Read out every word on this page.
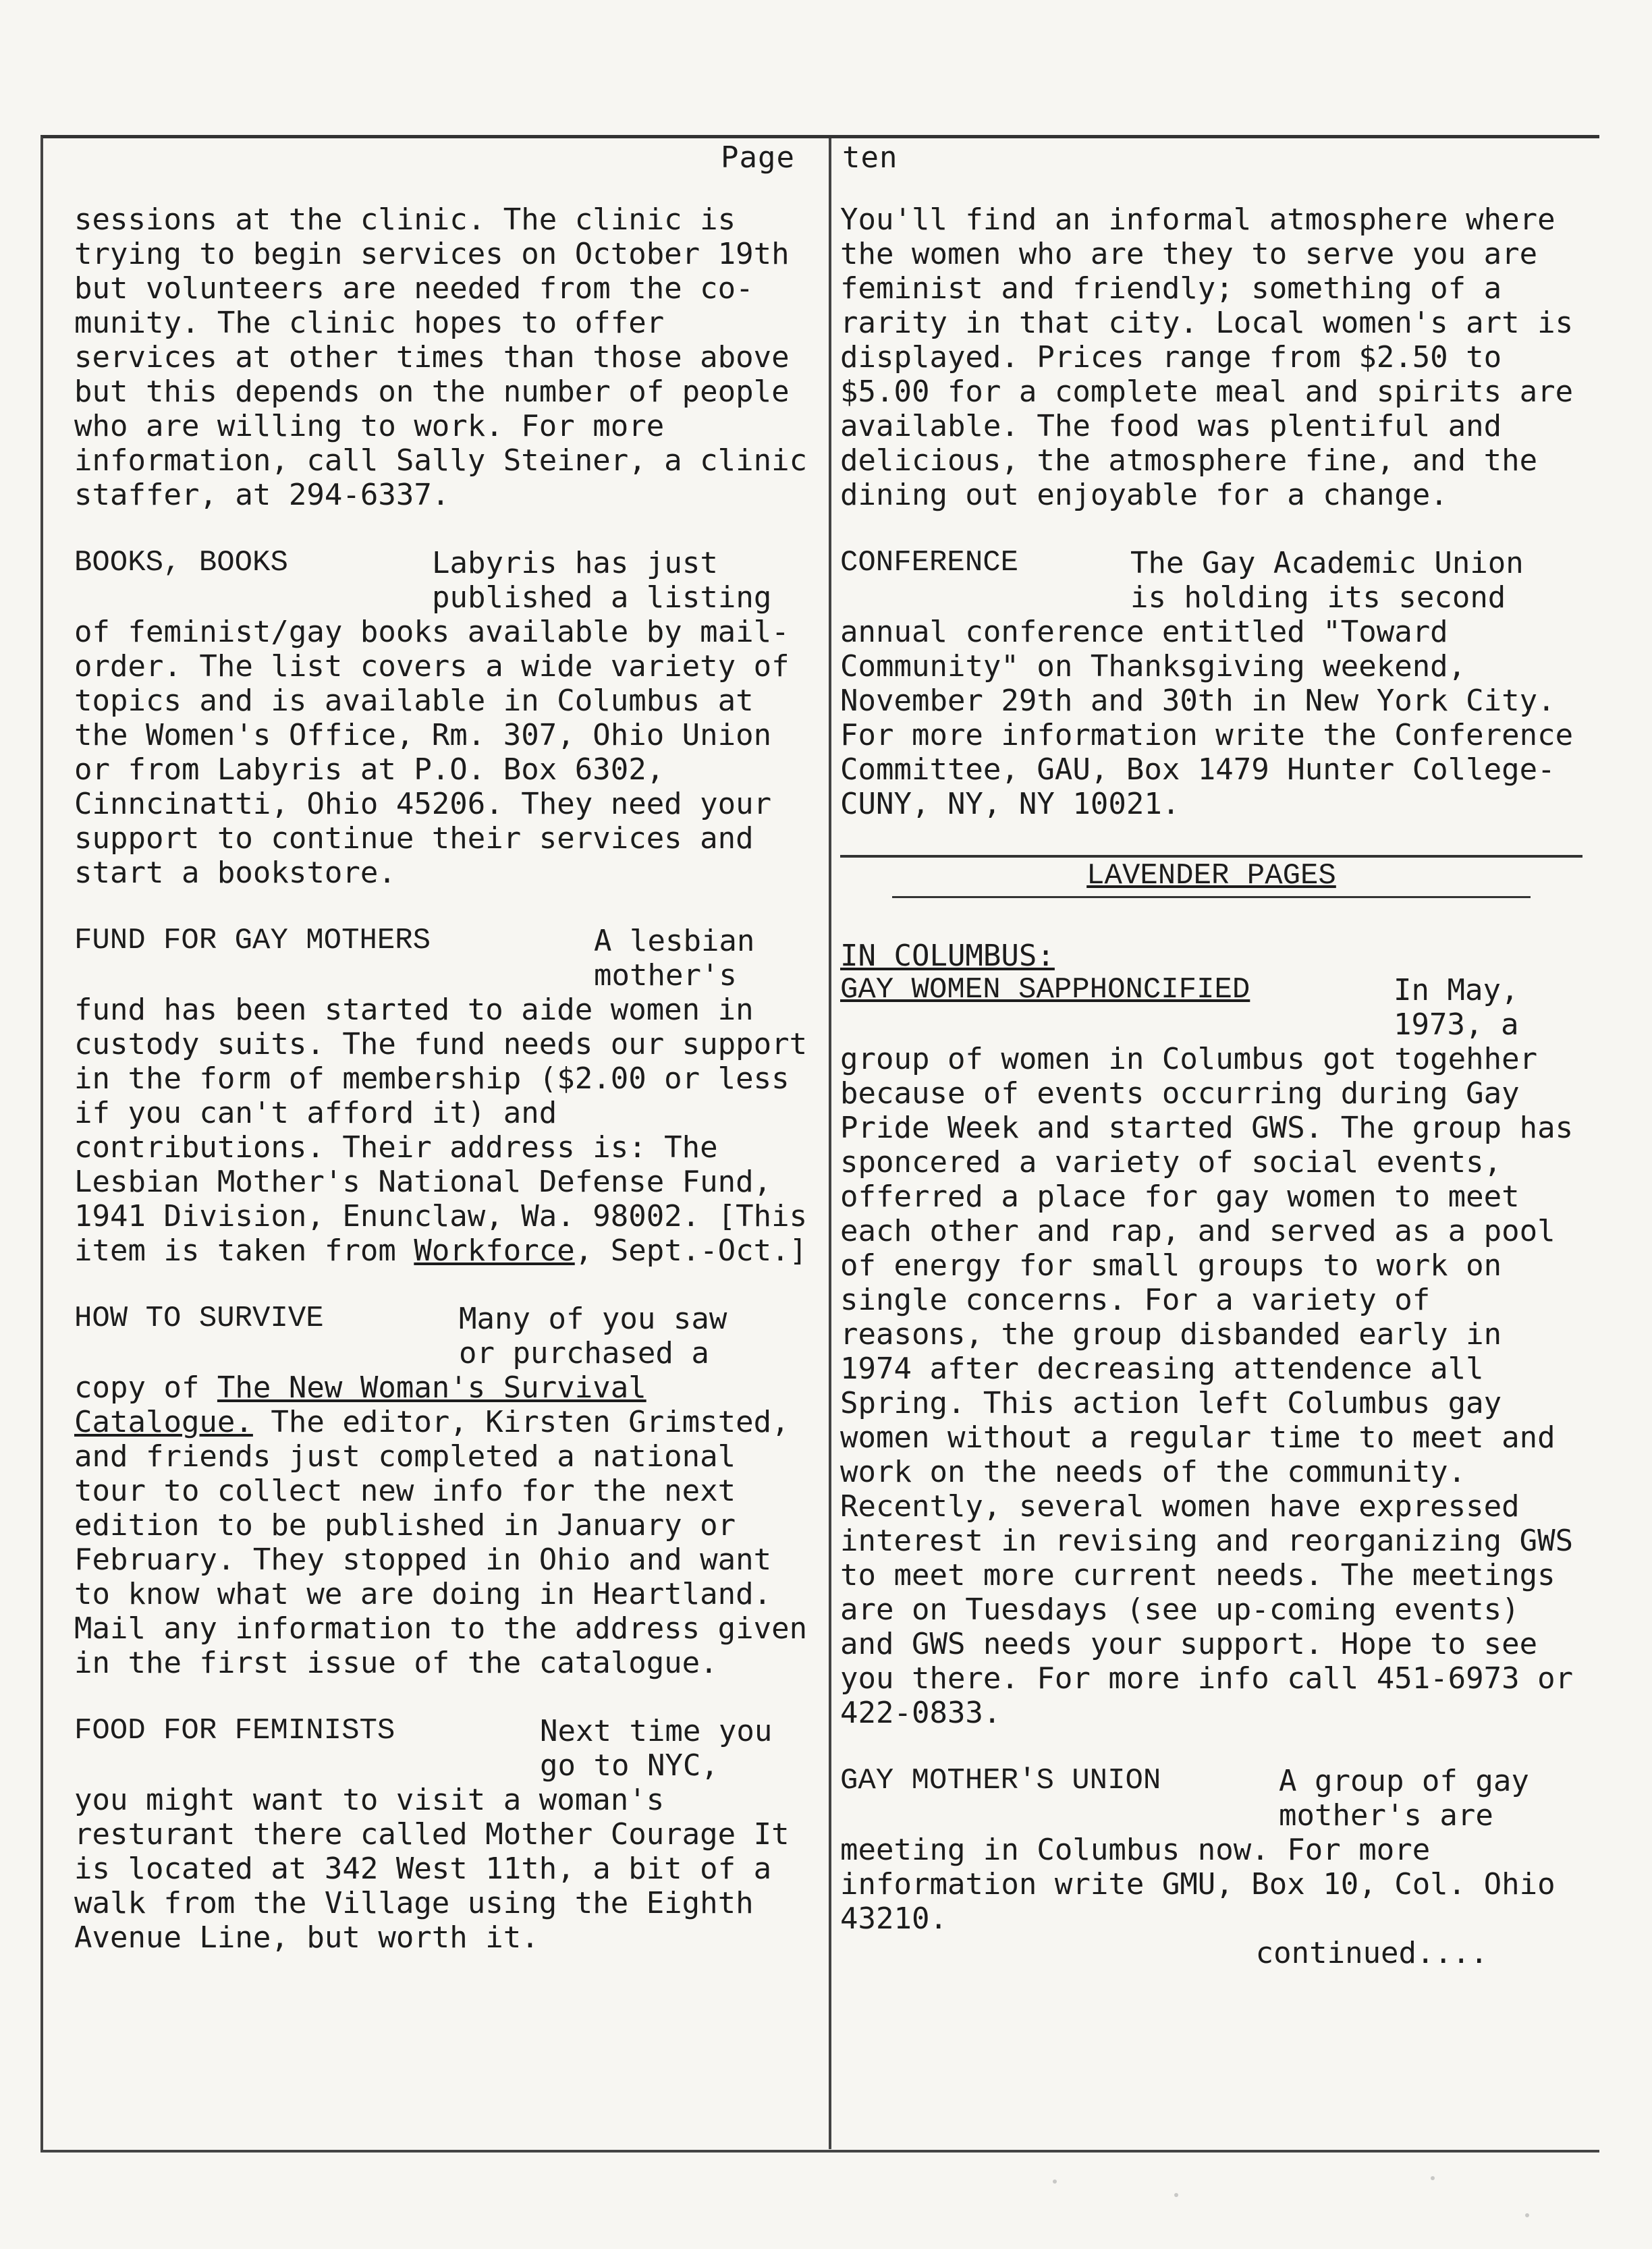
Page ten
sessions at the clinic. The clinic is trying to begin services on October 19th but volunteers are needed from the co-munity. The clinic hopes to offer services at other times than those above but this depends on the number of people who are willing to work. For more information, call Sally Steiner, a clinic staffer, at 294-6337.
BOOKS, BOOKS	Labyris has just
published a listing
of feminist/gay books available by mail-order. The list covers a wide variety of topics and is available in Columbus at the Women's Office, Rm. 307, Ohio Union or from Labyris at P.O. Box 6302, Cinncinatti, Ohio 45206. They need your support to continue their services and start a bookstore.
FUND FOR GAY MOTHERS	A lesbian
mother's
fund has been started to aide women in custody suits. The fund needs our support in the form of membership ($2.00 or less if you can't afford it) and contributions. Their address is: The Lesbian Mother's National Defense Fund, 1941 Division, Enunclaw, Wa. 98002. [This item is taken from Workforce, Sept.-Oct.]
HOW TO SURVIVE	Many of you saw
or purchased a
copy of The New Woman's Survival Catalogue. The editor, Kirsten Grimsted, and friends just completed a national tour to collect new info for the next edition to be published in January or February. They stopped in Ohio and want to know what we are doing in Heartland. Mail any information to the address given in the first issue of the catalogue.
FOOD FOR FEMINISTS	Next time you
go to NYC,
you might want to visit a woman's resturant there called Mother Courage It is located at 342 West 11th, a bit of a walk from the Village using the Eighth Avenue Line, but worth it.
You'll find an informal atmosphere where the women who are they to serve you are feminist and friendly; something of a rarity in that city. Local women's art is displayed. Prices range from $2.50 to $5.00 for a complete meal and spirits are available. The food was plentiful and delicious, the atmosphere fine, and the dining out enjoyable for a change.
CONFERENCE	The Gay Academic Union
is holding its second
annual conference entitled "Toward Community" on Thanksgiving weekend, November 29th and 30th in New York City. For more information write the Conference Committee, GAU, Box 1479 Hunter College-CUNY, NY, NY 10021.
LAVENDER PAGES
IN COLUMBUS:
GAY WOMEN SAPPHONCIFIED	In May,
1973, a
group of women in Columbus got togehher because of events occurring during Gay Pride Week and started GWS. The group has sponcered a variety of social events, offerred a place for gay women to meet each other and rap, and served as a pool of energy for small groups to work on single concerns. For a variety of reasons, the group disbanded early in 1974 after decreasing attendence all Spring. This action left Columbus gay women without a regular time to meet and work on the needs of the community. Recently, several women have expressed interest in revising and reorganizing GWS to meet more current needs. The meetings are on Tuesdays (see up-coming events) and GWS needs your support. Hope to see you there. For more info call 451-6973 or 422-0833.
GAY MOTHER'S UNION	A group of gay
mother's are
meeting in Columbus now. For more information write GMU, Box 10, Col. Ohio 43210.
continued....
